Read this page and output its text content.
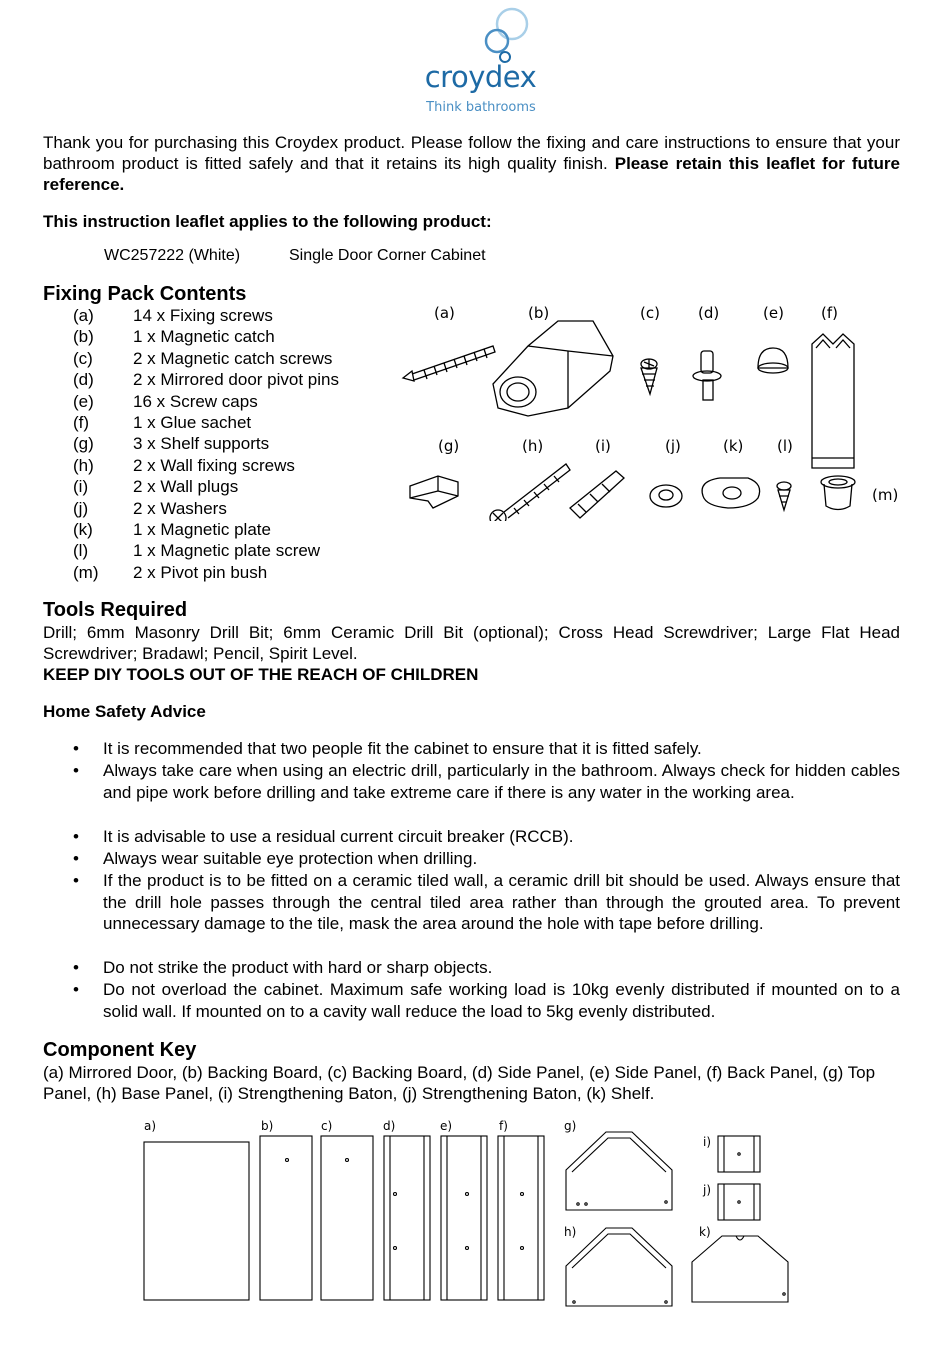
croydex
Think bathrooms
Thank you for purchasing this Croydex product. Please follow the fixing and care instructions to ensure that your bathroom product is fitted safely and that it retains its high quality finish. Please retain this leaflet for future reference.
This instruction leaflet applies to the following product:
WC257222 (White)	Single Door Corner Cabinet
Fixing Pack Contents
(a)	14 x Fixing screws
(b)	1 x Magnetic catch
(c)	2 x Magnetic catch screws
(d)	2 x Mirrored door pivot pins
(e)	16 x Screw caps
(f)	1 x Glue sachet
(g)	3 x Shelf supports
(h)	2 x Wall fixing screws
(i)	2 x Wall plugs
(j)	2 x Washers
(k)	1 x Magnetic plate
(l)	1 x Magnetic plate screw
(m)	2 x Pivot pin bush
(a)	(b)	(c)	(d)	(e) (f)
(g)	(h)	(i)	(j)	(k) (l)
(m)
Tools Required
Drill; 6mm Masonry Drill Bit; 6mm Ceramic Drill Bit (optional); Cross Head Screwdriver; Large Flat Head Screwdriver; Bradawl; Pencil, Spirit Level.
KEEP DIY TOOLS OUT OF THE REACH OF CHILDREN
Home Safety Advice
• It is recommended that two people fit the cabinet to ensure that it is fitted safely.
• Always take care when using an electric drill, particularly in the bathroom. Always check for hidden cables and pipe work before drilling and take extreme care if there is any water in the working area.
• It is advisable to use a residual current circuit breaker (RCCB).
• Always wear suitable eye protection when drilling.
• If the product is to be fitted on a ceramic tiled wall, a ceramic drill bit should be used. Always ensure that the drill hole passes through the central tiled area rather than through the grouted area. To prevent unnecessary damage to the tile, mask the area around the hole with tape before drilling.
• Do not strike the product with hard or sharp objects.
• Do not overload the cabinet. Maximum safe working load is 10kg evenly distributed if mounted on to a solid wall. If mounted on to a cavity wall reduce the load to 5kg evenly distributed.
Component Key
(a) Mirrored Door, (b) Backing Board, (c) Backing Board, (d) Side Panel, (e) Side Panel, (f) Back Panel, (g) Top Panel, (h) Base Panel, (i) Strengthening Baton, (j) Strengthening Baton, (k) Shelf.
a)	b)	c)	d)	e)	f)	g)
h)
i)
j)
k)
